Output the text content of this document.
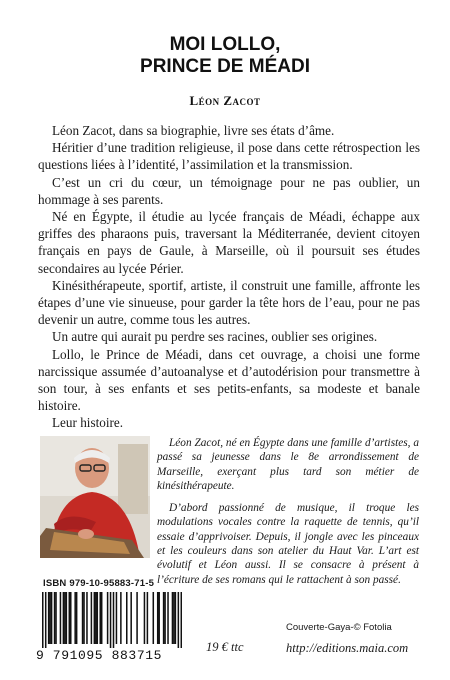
MOI LOLLO,
PRINCE DE MÉADI
Léon Zacot

Léon Zacot, dans sa biographie, livre ses états d’âme.

Héritier d’une tradition religieuse, il pose dans cette rétrospection les questions liées à l’identité, l’assimilation et la transmission.

C’est un cri du cœur, un témoignage pour ne pas oublier, un hommage à ses parents.

Né en Égypte, il étudie au lycée français de Méadi, échappe aux griffes des pharaons puis, traversant la Méditerranée, devient citoyen français en pays de Gaule, à Marseille, où il poursuit ses études secondaires au lycée Périer.

Kinésithérapeute, sportif, artiste, il construit une famille, affronte les étapes d’une vie sinueuse, pour garder la tête hors de l’eau, pour ne pas devenir un autre, comme tous les autres.

Un autre qui aurait pu perdre ses racines, oublier ses origines.

Lollo, le Prince de Méadi, dans cet ouvrage, a choisi une forme narcissique assumée d’autoanalyse et d’autodérision pour transmettre à son tour, à ses enfants et ses petits-enfants, sa modeste et banale histoire.

Leur histoire.

Léon Zacot, né en Égypte dans une famille d’artistes, a passé sa jeunesse dans le 8e arrondissement de Marseille, exerçant plus tard son métier de kinésithérapeute.

D’abord passionné de musique, il troque les modulations vocales contre la raquette de tennis, qu’il essaie d’apprivoiser. Depuis, il jongle avec les pinceaux et les couleurs dans son atelier du Haut Var. L’art est évolutif et Léon aussi. Il se consacre à présent à l’écriture de ses romans qui le rattachent à son passé.

ISBN 979-10-95883-71-5
9 791095 883715
19 € ttc
Couverte-Gaya-© Fotolia
http://editions.maia.com
